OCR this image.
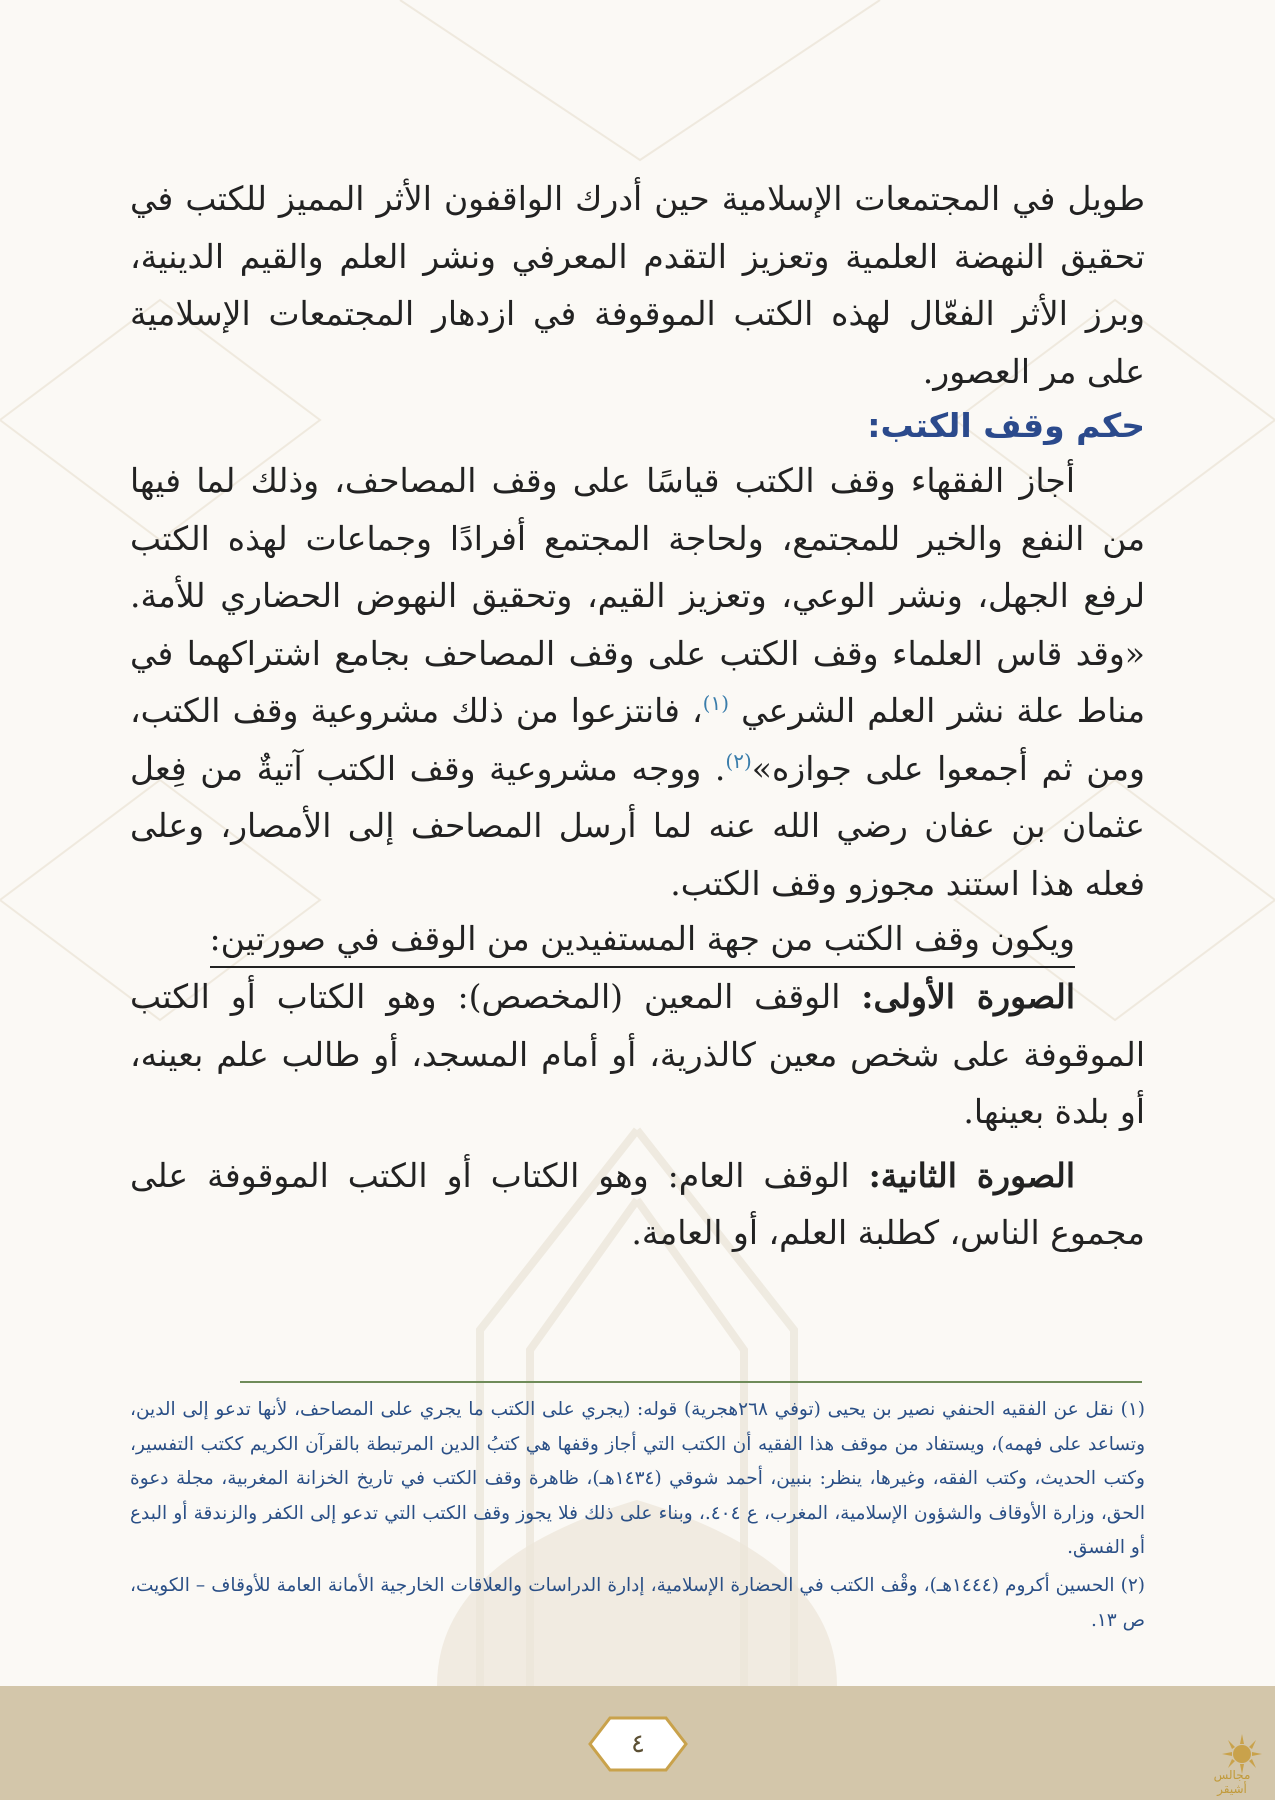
طويل في المجتمعات الإسلامية حين أدرك الواقفون الأثر المميز للكتب في تحقيق النهضة العلمية وتعزيز التقدم المعرفي ونشر العلم والقيم الدينية، وبرز الأثر الفعّال لهذه الكتب الموقوفة في ازدهار المجتمعات الإسلامية على مر العصور.

حكم وقف الكتب:

أجاز الفقهاء وقف الكتب قياسًا على وقف المصاحف، وذلك لما فيها من النفع والخير للمجتمع، ولحاجة المجتمع أفرادًا وجماعات لهذه الكتب لرفع الجهل، ونشر الوعي، وتعزيز القيم، وتحقيق النهوض الحضاري للأمة. «وقد قاس العلماء وقف الكتب على وقف المصاحف بجامع اشتراكهما في مناط علة نشر العلم الشرعي $^{(١)}$، فانتزعوا من ذلك مشروعية وقف الكتب، ومن ثم أجمعوا على جوازه»$^{(٢)}$. ووجه مشروعية وقف الكتب آتيةٌ من فِعل عثمان بن عفان رضي الله عنه لما أرسل المصاحف إلى الأمصار، وعلى فعله هذا استند مجوزو وقف الكتب.

ويكون وقف الكتب من جهة المستفيدين من الوقف في صورتين:

الصورة الأولى: الوقف المعين (المخصص): وهو الكتاب أو الكتب الموقوفة على شخص معين كالذرية، أو أمام المسجد، أو طالب علم بعينه، أو بلدة بعينها.

الصورة الثانية: الوقف العام: وهو الكتاب أو الكتب الموقوفة على مجموع الناس، كطلبة العلم، أو العامة.

(١) نقل عن الفقيه الحنفي نصير بن يحيى (توفي ٢٦٨هجرية) قوله: (يجري على الكتب ما يجري على المصاحف، لأنها تدعو إلى الدين، وتساعد على فهمه)، ويستفاد من موقف هذا الفقيه أن الكتب التي أجاز وقفها هي كتبُ الدين المرتبطة بالقرآن الكريم ككتب التفسير، وكتب الحديث، وكتب الفقه، وغيرها، ينظر: بنبين، أحمد شوقي (١٤٣٤هـ)، ظاهرة وقف الكتب في تاريخ الخزانة المغربية، مجلة دعوة الحق، وزارة الأوقاف والشؤون الإسلامية، المغرب، ع ٤٠٤.، وبناء على ذلك فلا يجوز وقف الكتب التي تدعو إلى الكفر والزندقة أو البدع أو الفسق.

(٢) الحسين أكروم (١٤٤٤هـ)، وقْف الكتب في الحضارة الإسلامية، إدارة الدراسات والعلاقات الخارجية الأمانة العامة للأوقاف – الكويت، ص ١٣.

٤
مجالس أشيقر
